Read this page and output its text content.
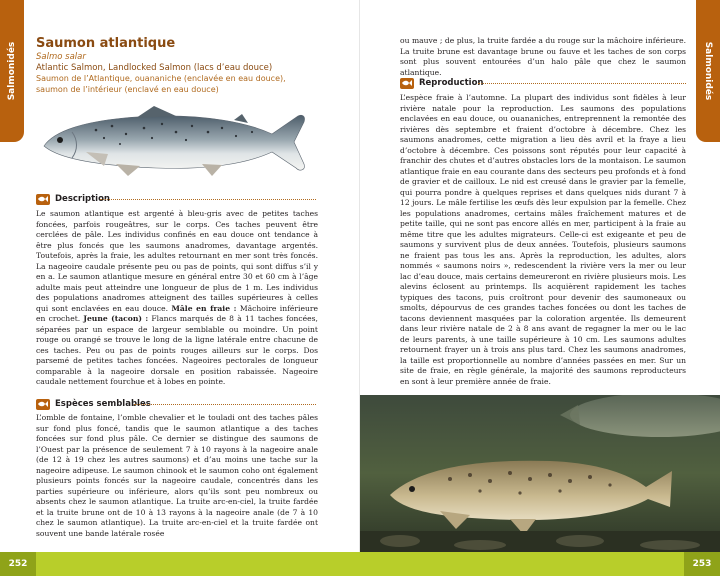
Salmonidés Saumon atlantique
Salmo salar
Atlantic Salmon, Landlocked Salmon (lacs d’eau douce)
Saumon de l’Atlantique, ouananiche (enclavée en eau douce), saumon de l’intérieur (enclavé en eau douce)
Description
Le saumon atlantique est argenté à bleu-gris avec de petites taches foncées, parfois rougeâtres, sur le corps. Ces taches peuvent être cerclées de pâle. Les individus confinés en eau douce ont tendance à être plus foncés que les saumons anadromes, davantage argentés. Toutefois, après la fraie, les adultes retournant en mer sont très foncés. La nageoire caudale présente peu ou pas de points, qui sont diffus s’il y en a. Le saumon atlantique mesure en général entre 30 et 60 cm à l’âge adulte mais peut atteindre une longueur de plus de 1 m. Les individus des populations anadromes atteignent des tailles supérieures à celles qui sont enclavées en eau douce. Mâle en fraie : Mâchoire inférieure en crochet. Jeune (tacon) : Flancs marqués de 8 à 11 taches foncées, séparées par un espace de largeur semblable ou moindre. Un point rouge ou orangé se trouve le long de la ligne latérale entre chacune de ces taches. Peu ou pas de points rouges ailleurs sur le corps. Dos parsemé de petites taches foncées. Nageoires pectorales de longueur comparable à la nageoire dorsale en position rabaissée. Nageoire caudale nettement fourchue et à lobes en pointe.
Espèces semblables
L’omble de fontaine, l’omble chevalier et le touladi ont des taches pâles sur fond plus foncé, tandis que le saumon atlantique a des taches foncées sur fond plus pâle. Ce dernier se distingue des saumons de l’Ouest par la présence de seulement 7 à 10 rayons à la nageoire anale (de 12 à 19 chez les autres saumons) et d’au moins une tache sur la nageoire adipeuse. Le saumon chinook et le saumon coho ont également plusieurs points foncés sur la nageoire caudale, concentrés dans les parties supérieure ou inférieure, alors qu’ils sont peu nombreux ou absents chez le saumon atlantique. La truite arc-en-ciel, la truite fardée et la truite brune ont de 10 à 13 rayons à la nageoire anale (de 7 à 10 chez le saumon atlantique). La truite arc-en-ciel et la truite fardée ont souvent une bande latérale rosée
Salmonidés
ou mauve ; de plus, la truite fardée a du rouge sur la mâchoire inférieure. La truite brune est davantage brune ou fauve et les taches de son corps sont plus souvent entourées d’un halo pâle que chez le saumon atlantique.
Reproduction
L’espèce fraie à l’automne. La plupart des individus sont fidèles à leur rivière natale pour la reproduction. Les saumons des populations enclavées en eau douce, ou ouananiches, entreprennent la remontée des rivières dès septembre et fraient d’octobre à décembre. Chez les saumons anadromes, cette migration a lieu dès avril et la fraye a lieu d’octobre à décembre. Ces poissons sont réputés pour leur capacité à franchir des chutes et d’autres obstacles lors de la montaison. Le saumon atlantique fraie en eau courante dans des secteurs peu profonds et à fond de gravier et de cailloux. Le nid est creusé dans le gravier par la femelle, qui pourra pondre à quelques reprises et dans quelques nids durant 7 à 12 jours. Le mâle fertilise les œufs dès leur expulsion par la femelle. Chez les populations anadromes, certains mâles fraîchement matures et de petite taille, qui ne sont pas encore allés en mer, participent à la fraie au même titre que les adultes migrateurs. Celle-ci est exigeante et peu de saumons y survivent plus de deux années. Toutefois, plusieurs saumons ne fraient pas tous les ans. Après la reproduction, les adultes, alors nommés « saumons noirs », redescendent la rivière vers la mer ou leur lac d’eau douce, mais certains demeureront en rivière plusieurs mois. Les alevins éclosent au printemps. Ils acquièrent rapidement les taches typiques des tacons, puis croîtront pour devenir des saumoneaux ou smolts, dépourvus de ces grandes taches foncées ou dont les taches de tacons deviennent masquées par la coloration argentée. Ils demeurent dans leur rivière natale de 2 à 8 ans avant de regagner la mer ou le lac de leurs parents, à une taille supérieure à 10 cm. Les saumons adultes retournent frayer un à trois ans plus tard. Chez les saumons anadromes, la taille est proportionnelle au nombre d’années passées en mer. Sur un site de fraie, en règle générale, la majorité des saumons reproducteurs en sont à leur première année de fraie.
252	253
